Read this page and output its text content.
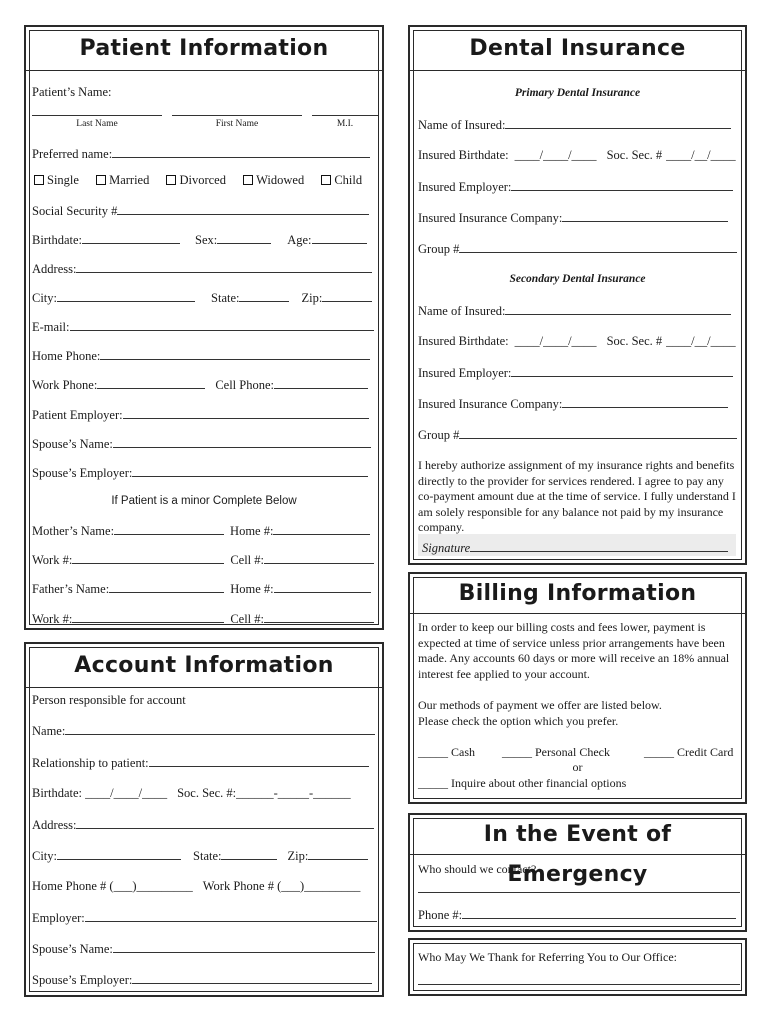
Patient Information
Patient’s Name:
Last Name	First Name	M.I.
Preferred name:
Single Married Divorced Widowed Child
Social Security #
Birthdate:	Sex:	Age:
Address:
City:	State:	Zip:
E-mail:
Home Phone:
Work Phone:	Cell Phone:
Patient Employer:
Spouse’s Name:
Spouse’s Employer:
If Patient is a minor Complete Below
Mother’s Name:	Home #:
Work #:	Cell #:
Father’s Name:	Home #:
Work #:	Cell #:
Account Information
Person responsible for account
Name:
Relationship to patient:
Birthdate: ____/____/____ Soc. Sec. #:______-_____-______
Address:
City:	State:	Zip:
Home Phone # (___)_________ Work Phone # (___)_________
Employer:
Spouse’s Name:
Spouse’s Employer:
Dental Insurance
Primary Dental Insurance
Name of Insured:
Insured Birthdate: ____/____/____ Soc. Sec. # ____/__/____
Insured Employer:
Insured Insurance Company:
Group #
Secondary Dental Insurance
Name of Insured:
Insured Birthdate: ____/____/____ Soc. Sec. # ____/__/____
Insured Employer:
Insured Insurance Company:
Group #
I hereby authorize assignment of my insurance rights and benefits directly to the provider for services rendered. I agree to pay any co-payment amount due at the time of service. I fully understand I am solely responsible for any balance not paid by my insurance company.
Signature
Billing Information
In order to keep our billing costs and fees lower, payment is expected at time of service unless prior arrangements have been made. Any accounts 60 days or more will receive an 18% annual interest fee applied to your account.
Our methods of payment we offer are listed below.
Please check the option which you prefer.
_____ Cash _____ Personal Check	_____ Credit Card
or
_____ Inquire about other financial options
In the Event of Emergency
Who should we contact?
Phone #:
Who May We Thank for Referring You to Our Office:
